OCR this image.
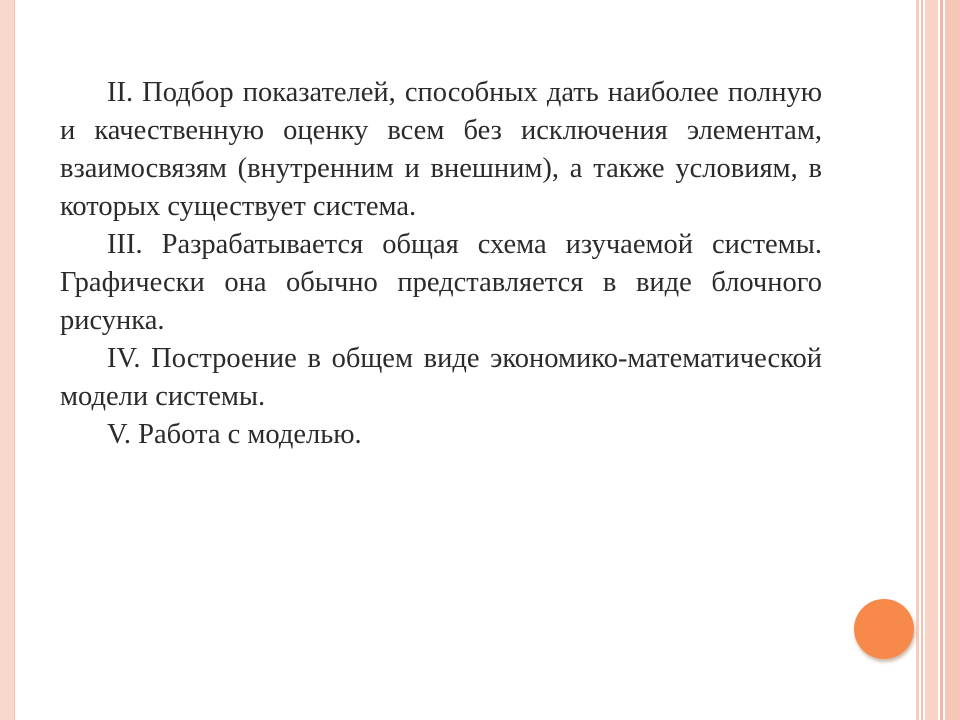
II. Подбор показателей, способных дать наиболее полную и качественную оценку всем без исключения элементам, взаимосвязям (внутренним и внешним), а также условиям, в которых существует система.

III. Разрабатывается общая схема изучаемой системы. Графически она обычно представляется в виде блочного рисунка.

IV. Построение в общем виде экономико-математической модели системы.

V. Работа с моделью.
